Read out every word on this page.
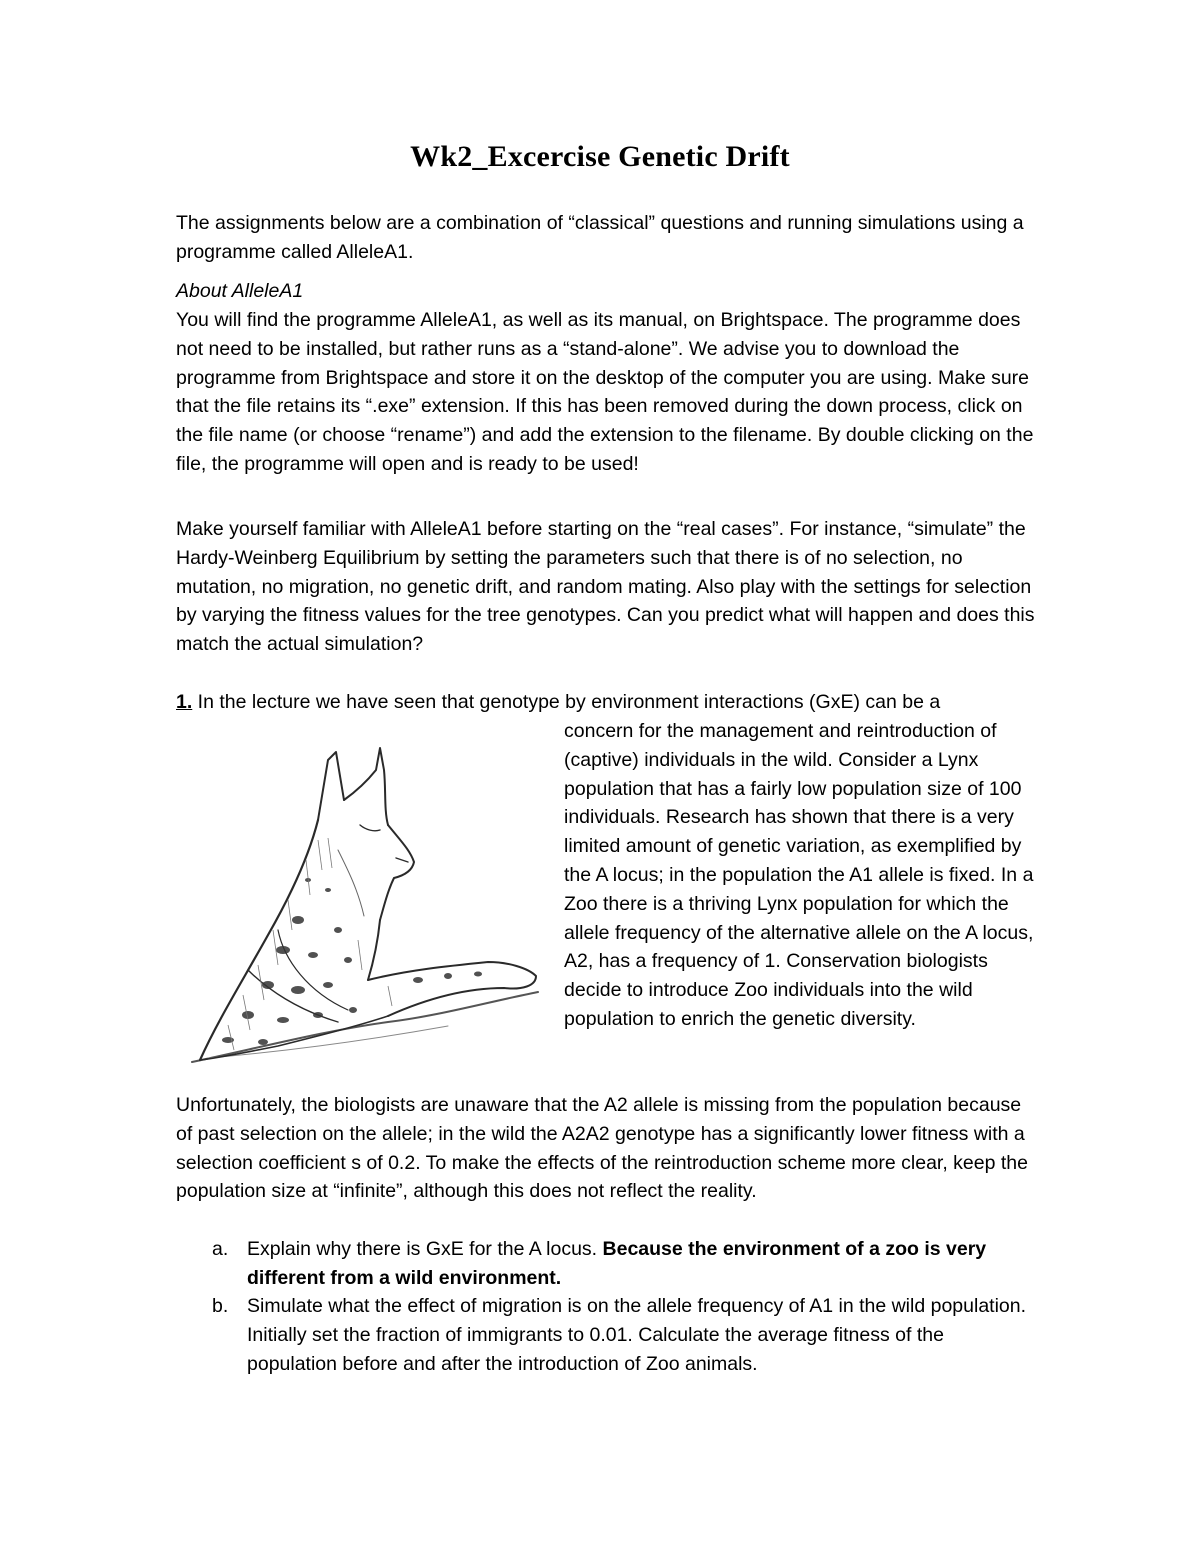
Wk2_Excercise Genetic Drift

The assignments below are a combination of “classical” questions and running simulations using a programme called AlleleA1.

About AlleleA1

You will find the programme AlleleA1, as well as its manual, on Brightspace. The programme does not need to be installed, but rather runs as a “stand-alone”. We advise you to download the programme from Brightspace and store it on the desktop of the computer you are using. Make sure that the file retains its “.exe” extension. If this has been removed during the down process, click on the file name (or choose “rename”) and add the extension to the filename. By double clicking on the file, the programme will open and is ready to be used!

Make yourself familiar with AlleleA1 before starting on the “real cases”. For instance, “simulate” the Hardy-Weinberg Equilibrium by setting the parameters such that there is of no selection, no mutation, no migration, no genetic drift, and random mating. Also play with the settings for selection by varying the fitness values for the tree genotypes. Can you predict what will happen and does this match the actual simulation?

1. In the lecture we have seen that genotype by environment interactions (GxE) can be a

concern for the management and reintroduction of (captive) individuals in the wild. Consider a Lynx population that has a fairly low population size of 100 individuals. Research has shown that there is a very limited amount of genetic variation, as exemplified by the A locus; in the population the A1 allele is fixed. In a Zoo there is a thriving Lynx population for which the allele frequency of the alternative allele on the A locus, A2, has a frequency of 1. Conservation biologists decide to introduce Zoo individuals into the wild population to enrich the genetic diversity.

Unfortunately, the biologists are unaware that the A2 allele is missing from the population because of past selection on the allele; in the wild the A2A2 genotype has a significantly lower fitness with a selection coefficient s of 0.2. To make the effects of the reintroduction scheme more clear, keep the population size at “infinite”, although this does not reflect the reality.

a. Explain why there is GxE for the A locus. Because the environment of a zoo is very different from a wild environment.
b. Simulate what the effect of migration is on the allele frequency of A1 in the wild population. Initially set the fraction of immigrants to 0.01. Calculate the average fitness of the population before and after the introduction of Zoo animals.
